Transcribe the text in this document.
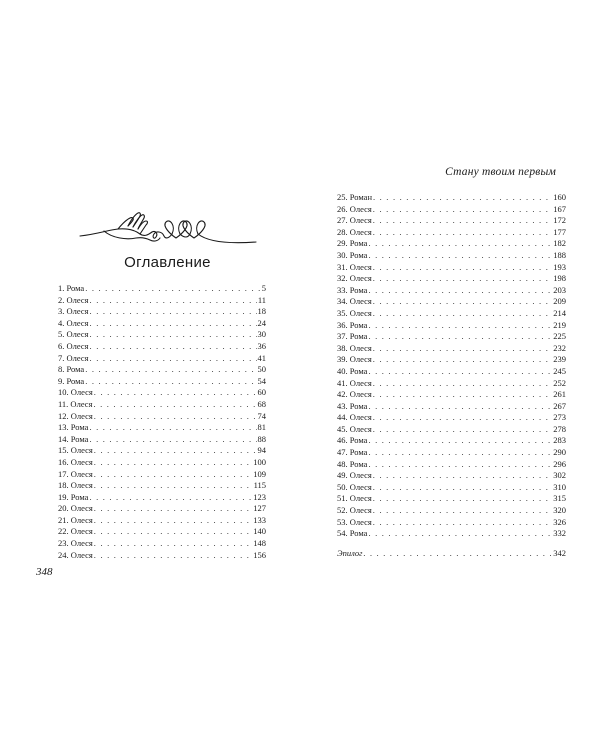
Оглавление
1. Рома . . .	5
2. Олеся . . .	11
3. Олеся . . .	18
4. Олеся . . .	24
5. Олеся . . .	30
6. Олеся . . .	36
7. Олеся . . .	41
8. Рома . . .	50
9. Рома . . .	54
10. Олеся . . .	60
11. Олеся . . .	68
12. Олеся . . .	74
13. Рома . . .	81
14. Рома . . .	88
15. Олеся . . .	94
16. Олеся . . .	100
17. Олеся . . .	109
18. Олеся . . .	115
19. Рома . . .	123
20. Олеся . . .	127
21. Олеся . . .	133
22. Олеся . . .	140
23. Олеся . . .	148
24. Олеся . . .	156
348
Стану твоим первым
25. Роман . . .	160
26. Олеся . . .	167
27. Олеся . . .	172
28. Олеся . . .	177
29. Рома . . .	182
30. Рома . . .	188
31. Олеся . . .	193
32. Олеся . . .	198
33. Рома . . .	203
34. Олеся . . .	209
35. Олеся . . .	214
36. Рома . . .	219
37. Рома . . .	225
38. Олеся . . .	232
39. Олеся . . .	239
40. Рома . . .	245
41. Олеся . . .	252
42. Олеся . . .	261
43. Рома . . .	267
44. Олеся . . .	273
45. Олеся . . .	278
46. Рома . . .	283
47. Рома . . .	290
48. Рома . . .	296
49. Олеся . . .	302
50. Олеся . . .	310
51. Олеся . . .	315
52. Олеся . . .	320
53. Олеся . . .	326
54. Рома . . .	332
Эпилог . . .	342
